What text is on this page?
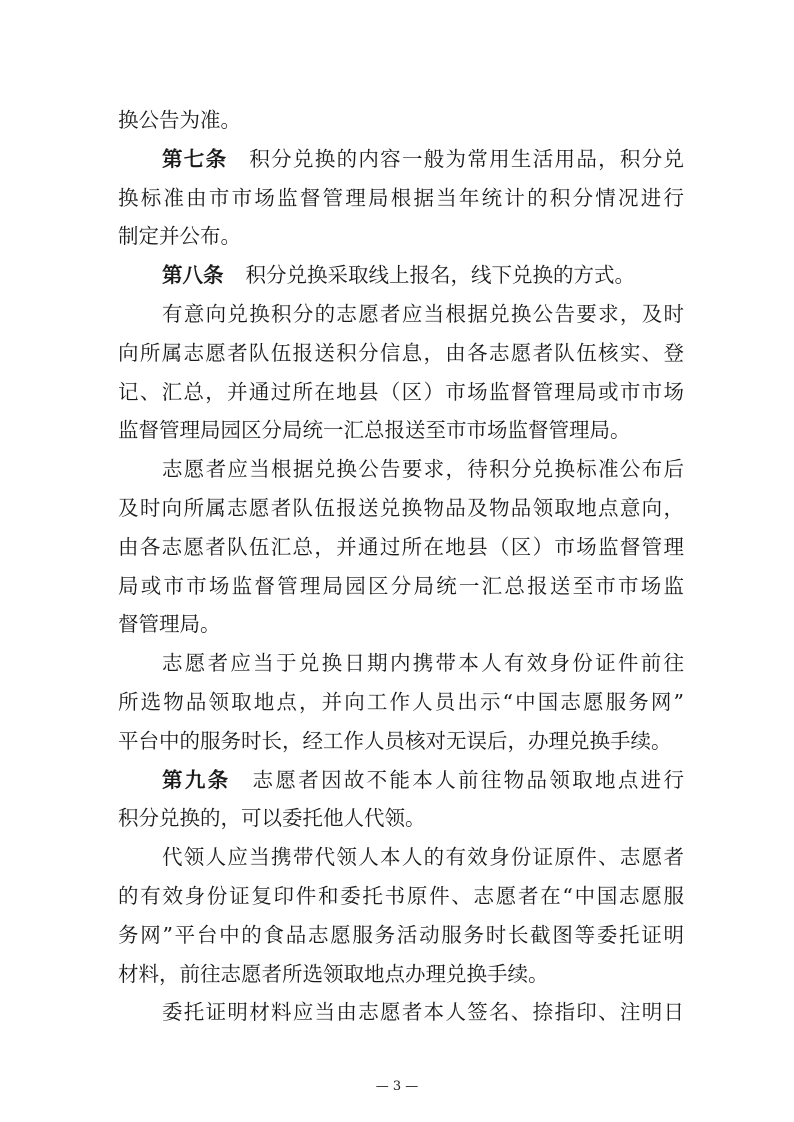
换公告为准。
第七条 积分兑换的内容一般为常用生活用品，积分兑
换标准由市市场监督管理局根据当年统计的积分情况进行
制定并公布。
第八条 积分兑换采取线上报名，线下兑换的方式。
有意向兑换积分的志愿者应当根据兑换公告要求，及时
向所属志愿者队伍报送积分信息，由各志愿者队伍核实、登
记、汇总，并通过所在地县（区）市场监督管理局或市市场
监督管理局园区分局统一汇总报送至市市场监督管理局。
志愿者应当根据兑换公告要求，待积分兑换标准公布后
及时向所属志愿者队伍报送兑换物品及物品领取地点意向，
由各志愿者队伍汇总，并通过所在地县（区）市场监督管理
局或市市场监督管理局园区分局统一汇总报送至市市场监
督管理局。
志愿者应当于兑换日期内携带本人有效身份证件前往
所选物品领取地点，并向工作人员出示“中国志愿服务网”
平台中的服务时长，经工作人员核对无误后，办理兑换手续。
第九条 志愿者因故不能本人前往物品领取地点进行
积分兑换的，可以委托他人代领。
代领人应当携带代领人本人的有效身份证原件、志愿者
的有效身份证复印件和委托书原件、志愿者在“中国志愿服
务网”平台中的食品志愿服务活动服务时长截图等委托证明
材料，前往志愿者所选领取地点办理兑换手续。
委托证明材料应当由志愿者本人签名、捺指印、注明日
— 3 —
